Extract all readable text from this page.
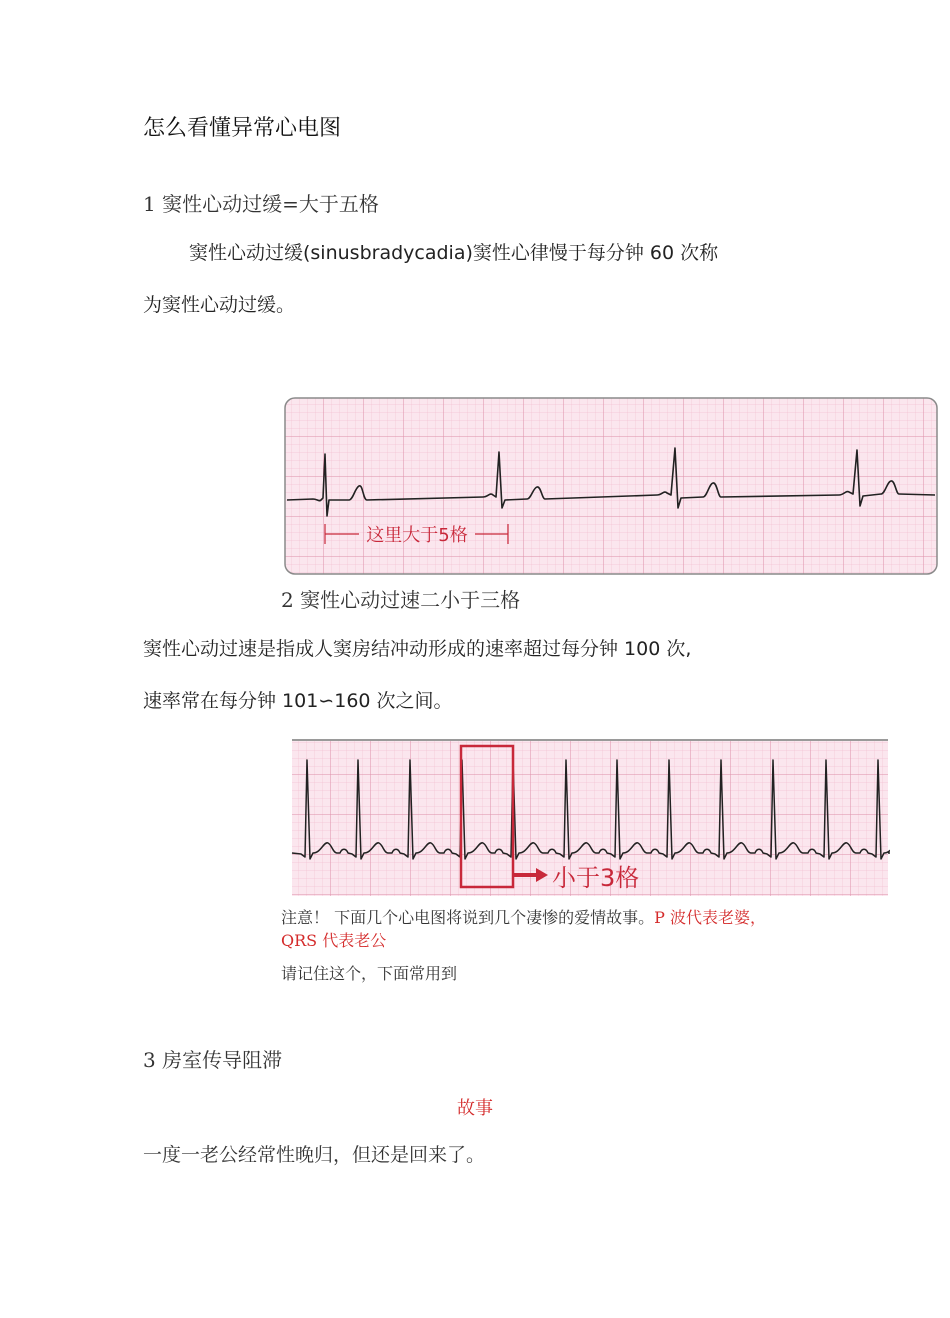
怎么看懂异常心电图
1 窦性心动过缓=大于五格
窦性心动过缓(sinusbradycadia)窦性心律慢于每分钟 60 次称
为窦性心动过缓。
这里大于5格
2 窦性心动过速二小于三格
窦性心动过速是指成人窦房结冲动形成的速率超过每分钟 100 次,
速率常在每分钟 101∽160 次之间。
小于3格
注意！ 下面几个心电图将说到几个凄惨的爱情故事。P 波代表老婆，
QRS 代表老公
请记住这个，下面常用到
3 房室传导阻滞
故事
一度一老公经常性晚归，但还是回来了。
